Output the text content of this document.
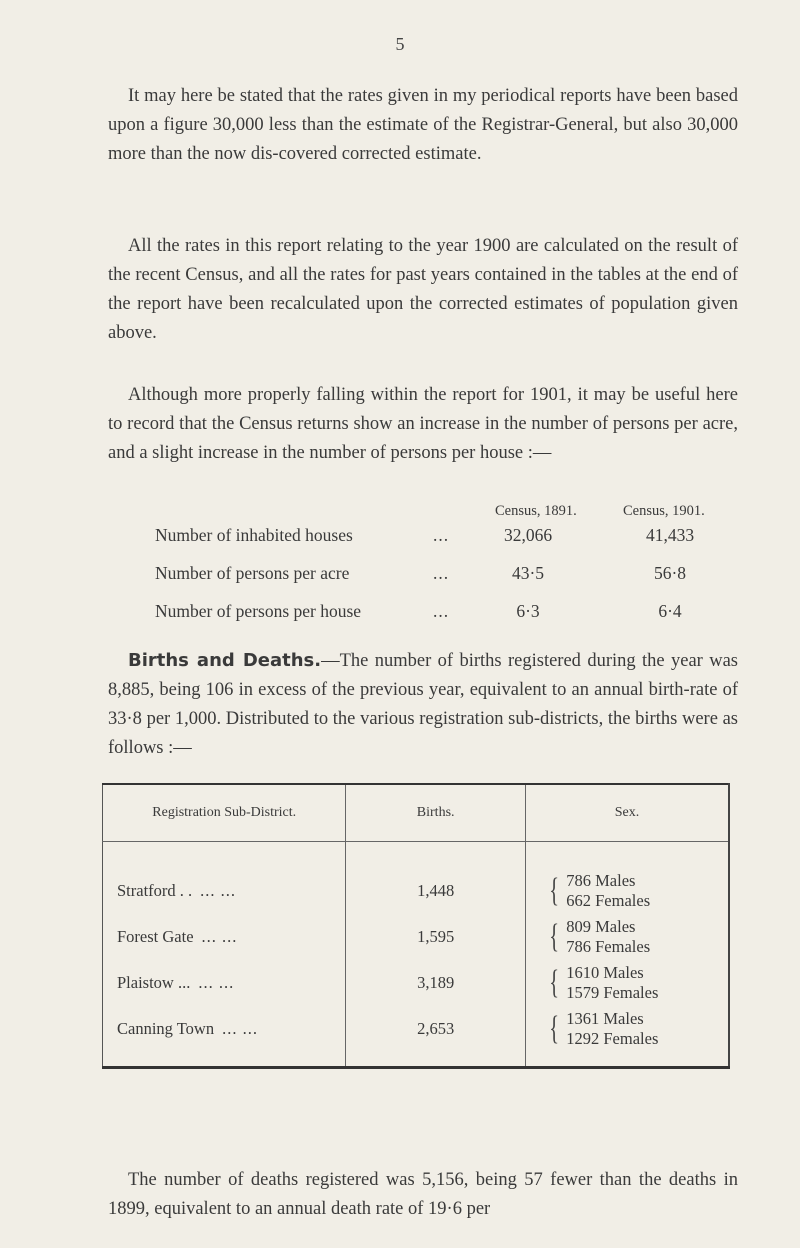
5

It may here be stated that the rates given in my periodical reports have been based upon a figure 30,000 less than the estimate of the Registrar-General, but also 30,000 more than the now dis-covered corrected estimate.

All the rates in this report relating to the year 1900 are calculated on the result of the recent Census, and all the rates for past years contained in the tables at the end of the report have been recalculated upon the corrected estimates of population given above.

Although more properly falling within the report for 1901, it may be useful here to record that the Census returns show an increase in the number of persons per acre, and a slight increase in the number of persons per house :—

Census, 1891.	Census, 1901.
Number of inhabited houses	...	32,066	41,433
Number of persons per acre	...	43·5	56·8
Number of persons per house	...	6·3	6·4

Births and Deaths.—The number of births registered during the year was 8,885, being 106 in excess of the previous year, equivalent to an annual birth-rate of 33·8 per 1,000. Distributed to the various registration sub-districts, the births were as follows :—

Registration Sub-District.	Births.	Sex.

Stratford . . ... ...	1,448	{ 786 Males
662 Females
Forest Gate ... ...	1,595	{ 809 Males
786 Females
Plaistow ... ... ...	3,189	{ 1610 Males
1579 Females
Canning Town ... ...	2,653	{ 1361 Males
1292 Females

The number of deaths registered was 5,156, being 57 fewer than the deaths in 1899, equivalent to an annual death rate of 19·6 per
